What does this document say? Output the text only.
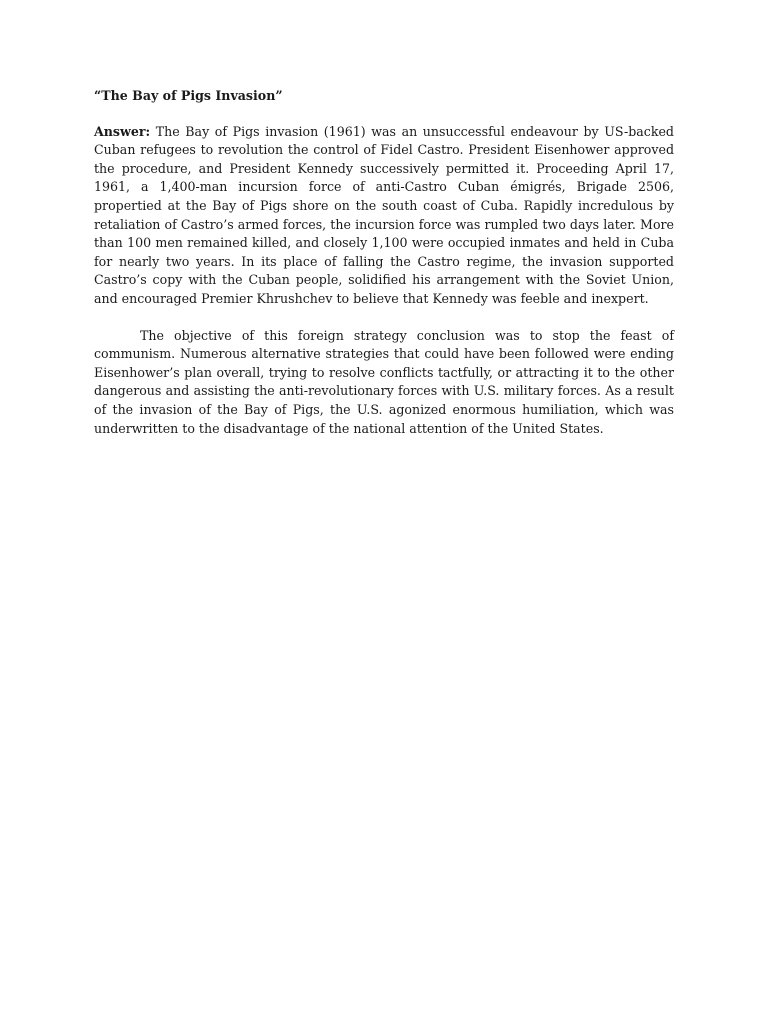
“The Bay of Pigs Invasion”

Answer: The Bay of Pigs invasion (1961) was an unsuccessful endeavour by US-backed Cuban refugees to revolution the control of Fidel Castro. President Eisenhower approved the procedure, and President Kennedy successively permitted it. Proceeding April 17, 1961, a 1,400-man incursion force of anti-Castro Cuban émigrés, Brigade 2506, propertied at the Bay of Pigs shore on the south coast of Cuba. Rapidly incredulous by retaliation of Castro’s armed forces, the incursion force was rumpled two days later. More than 100 men remained killed, and closely 1,100 were occupied inmates and held in Cuba for nearly two years. In its place of falling the Castro regime, the invasion supported Castro’s copy with the Cuban people, solidified his arrangement with the Soviet Union, and encouraged Premier Khrushchev to believe that Kennedy was feeble and inexpert.

The objective of this foreign strategy conclusion was to stop the feast of communism. Numerous alternative strategies that could have been followed were ending Eisenhower’s plan overall, trying to resolve conflicts tactfully, or attracting it to the other dangerous and assisting the anti-revolutionary forces with U.S. military forces. As a result of the invasion of the Bay of Pigs, the U.S. agonized enormous humiliation, which was underwritten to the disadvantage of the national attention of the United States.
